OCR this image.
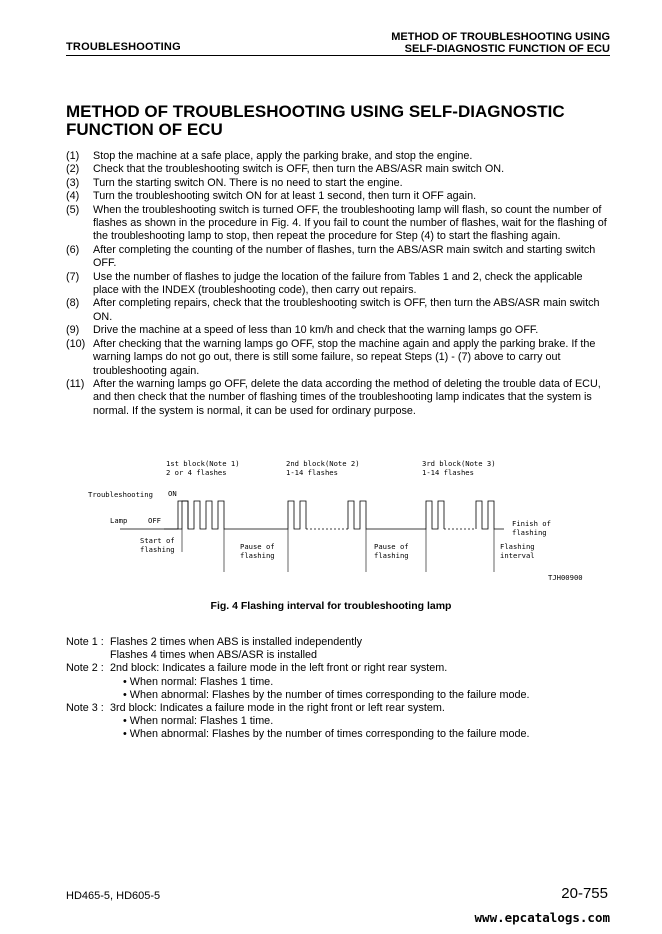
TROUBLESHOOTING
METHOD OF TROUBLESHOOTING USING
SELF-DIAGNOSTIC FUNCTION OF ECU
METHOD OF TROUBLESHOOTING USING SELF-DIAGNOSTIC
FUNCTION OF ECU
(1)	Stop the machine at a safe place, apply the parking brake, and stop the engine.
(2)	Check that the troubleshooting switch is OFF, then turn the ABS/ASR main switch ON.
(3)	Turn the starting switch ON. There is no need to start the engine.
(4)	Turn the troubleshooting switch ON for at least 1 second, then turn it OFF again.
(5)	When the troubleshooting switch is turned OFF, the troubleshooting lamp will flash, so count the number of flashes as shown in the procedure in Fig. 4. If you fail to count the number of flashes, wait for the flashing of the troubleshooting lamp to stop, then repeat the procedure for Step (4) to start the flashing again.
(6)	After completing the counting of the number of flashes, turn the ABS/ASR main switch and starting switch OFF.
(7)	Use the number of flashes to judge the location of the failure from Tables 1 and 2, check the applicable place with the INDEX (troubleshooting code), then carry out repairs.
(8)	After completing repairs, check that the troubleshooting switch is OFF, then turn the ABS/ASR main switch ON.
(9)	Drive the machine at a speed of less than 10 km/h and check that the warning lamps go OFF.
(10) After checking that the warning lamps go OFF, stop the machine again and apply the parking brake. If the warning lamps do not go out, there is still some failure, so repeat Steps (1) - (7) above to carry out troubleshooting again.
(11) After the warning lamps go OFF, delete the data according the method of deleting the trouble data of ECU, and then check that the number of flashing times of the troubleshooting lamp indicates that the system is normal. If the system is normal, it can be used for ordinary purpose.
1st block(Note 1)
2 or 4 flashes
2nd block(Note 2)
1-14 flashes
3rd block(Note 3)
1-14 flashes
Troubleshooting ON
Lamp	OFF
Start of
flashing	Pause of
flashing
Pause of
flashing
Finish of
flashing
Flashing
interval
TJH00900
Fig. 4 Flashing interval for troubleshooting lamp
Note 1 : Flashes 2 times when ABS is installed independently
Flashes 4 times when ABS/ASR is installed
Note 2 : 2nd block: Indicates a failure mode in the left front or right rear system.
• When normal: Flashes 1 time.
• When abnormal: Flashes by the number of times corresponding to the failure mode.
Note 3 : 3rd block: Indicates a failure mode in the right front or left rear system.
• When normal: Flashes 1 time.
• When abnormal: Flashes by the number of times corresponding to the failure mode.
HD465-5, HD605-5	20-755
www.epcatalogs.com
